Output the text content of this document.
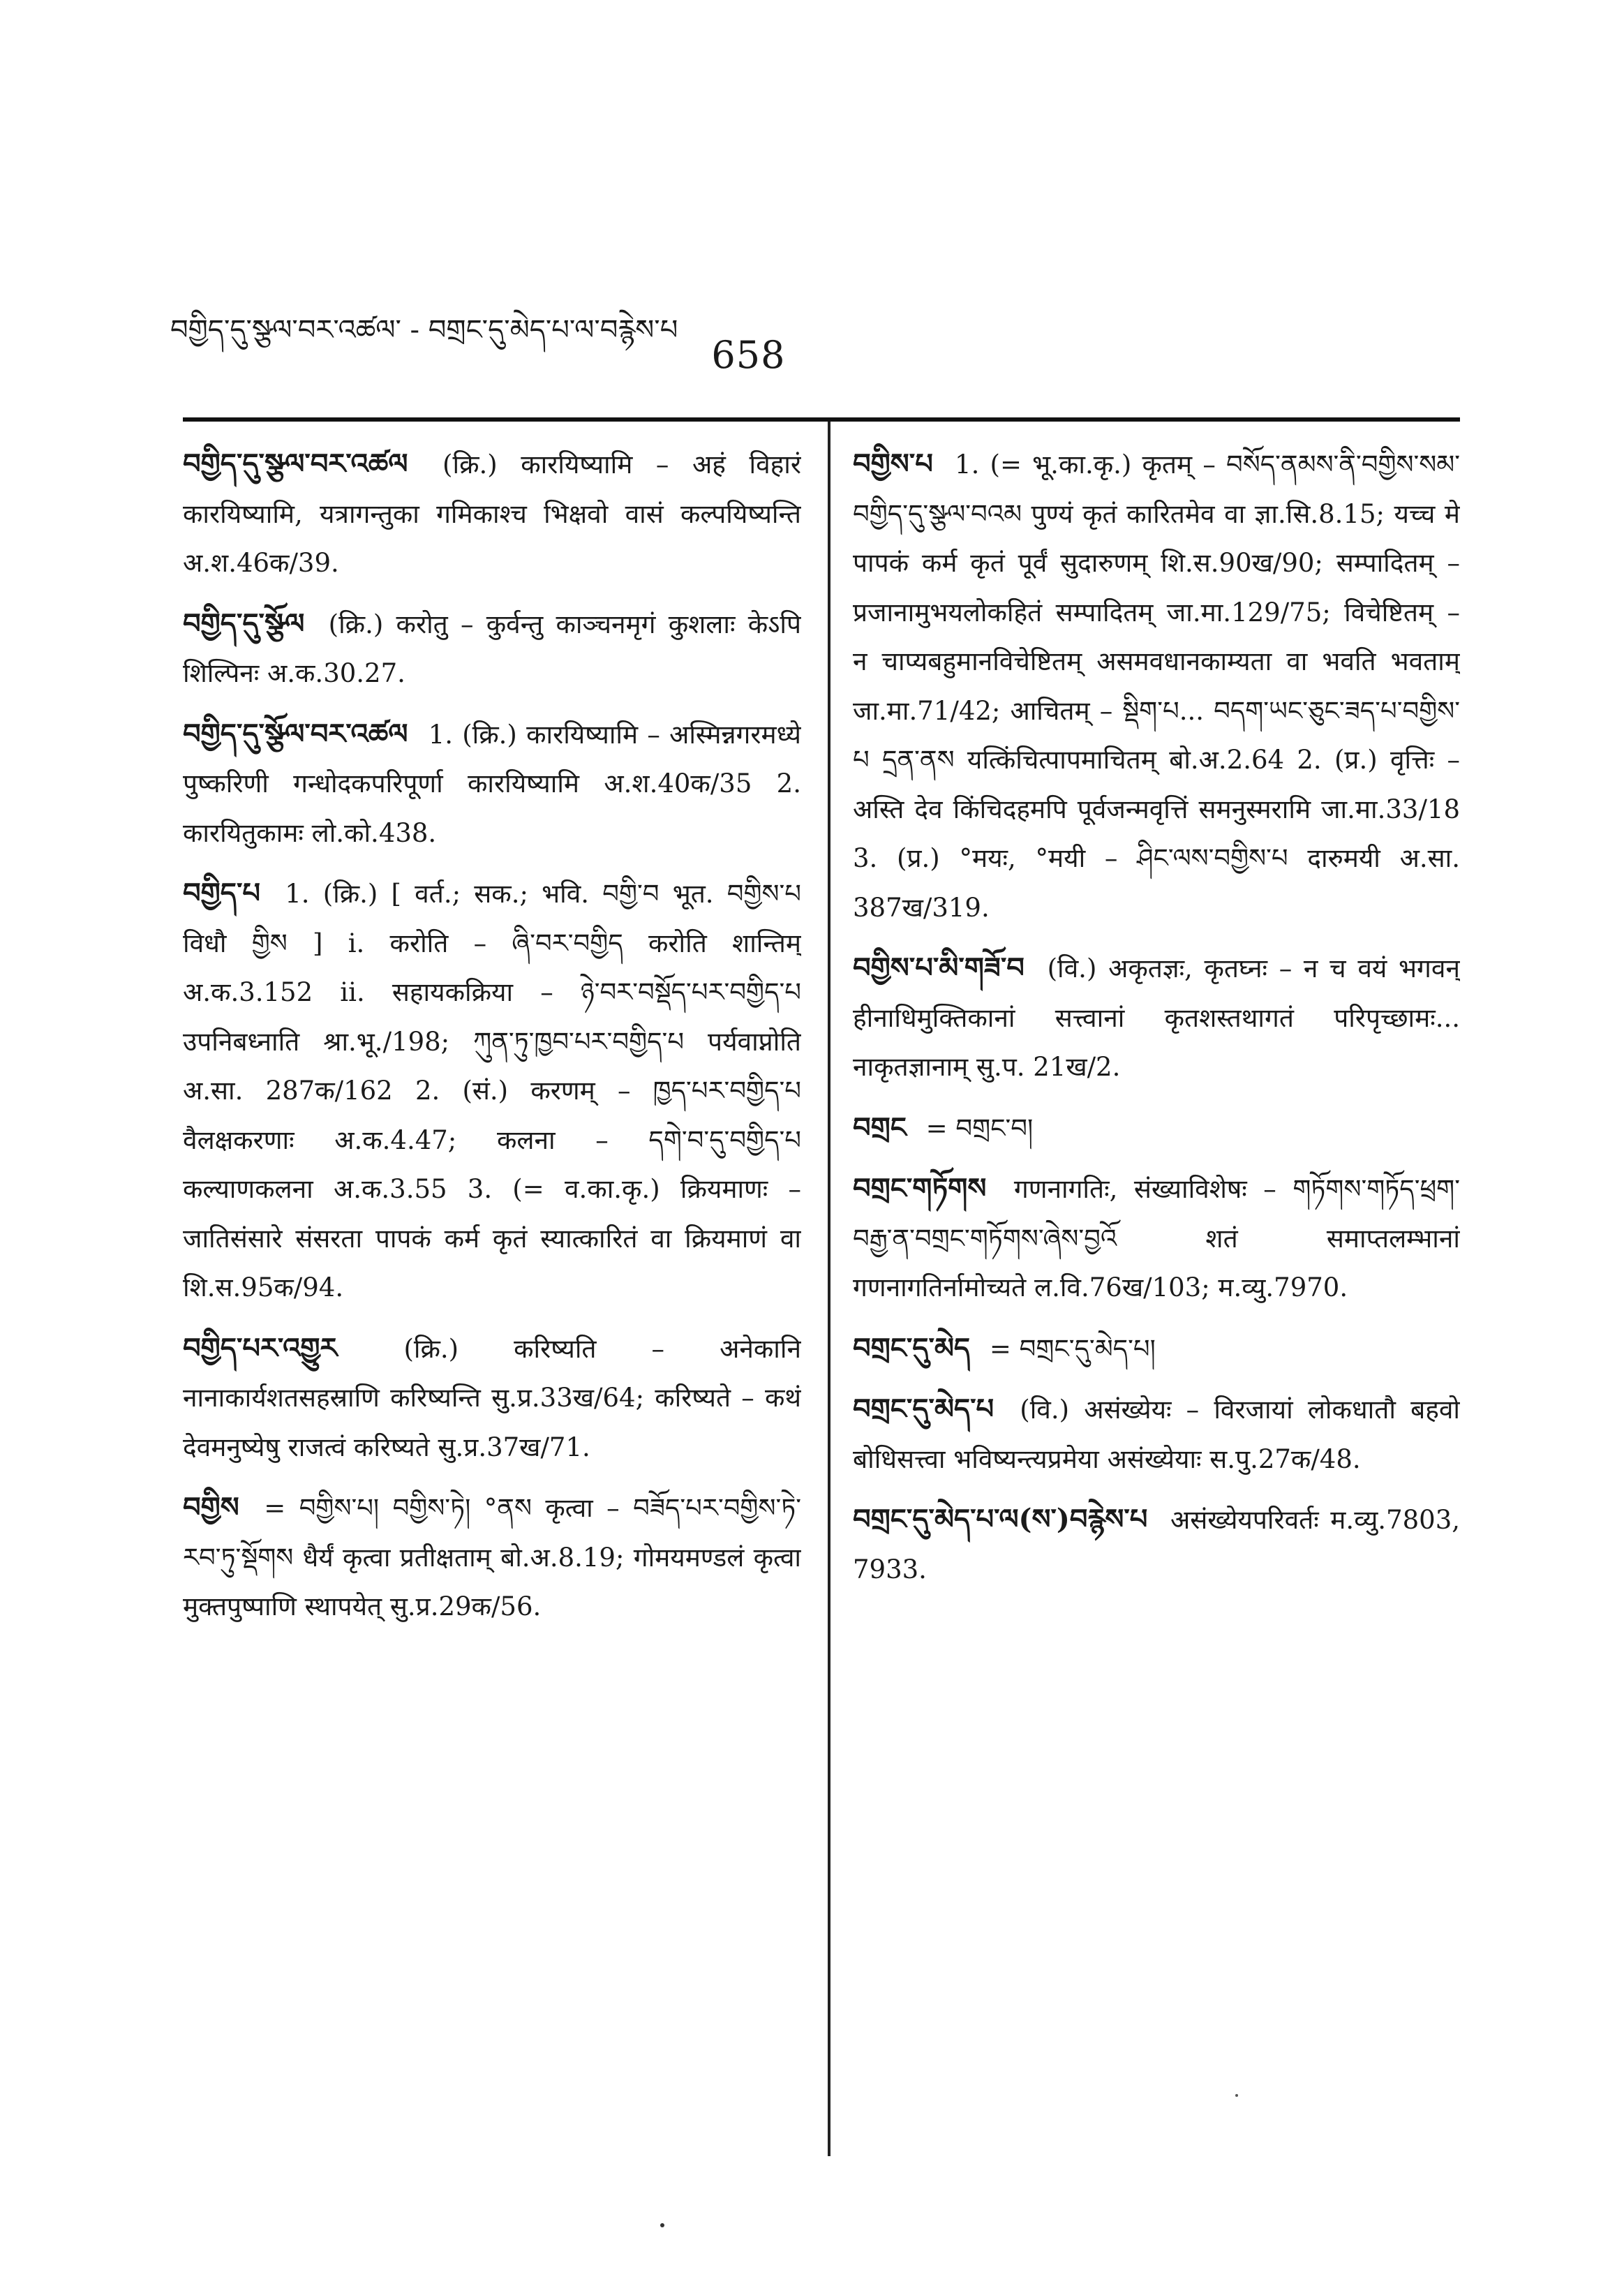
བགྱིད་དུ་སྩལ་བར་འཚལ་ - བགྲང་དུ་མེད་པ་ལ་བརྙེས་པ
658
བགྱིད་དུ་སྩལ་བར་འཚལ (क्रि.) कारयिष्यामि – अहं विहारं कारयिष्यामि, यत्रागन्तुका गमिकाश्च भिक्षवो वासं कल्पयिष्यन्ति अ.श.46क/39.
བགྱིད་དུ་སྩོལ (क्रि.) करोतु – कुर्वन्तु काञ्चनमृगं कुशलाः केऽपि शिल्पिनः अ.क.30.27.
བགྱིད་དུ་སྩོལ་བར་འཚལ 1. (क्रि.) कारयिष्यामि – अस्मिन्नगरमध्ये पुष्करिणी गन्धोदकपरिपूर्णा कारयिष्यामि अ.श.40क/35 2. कारयितुकामः लो.को.438.
བགྱིད་པ 1. (क्रि.) [ वर्त.; सक.; भवि. བགྱི་བ भूत. བགྱིས་པ विधौ གྱིས ] i. करोति – ཞི་བར་བགྱིད करोति शान्तिम् अ.क.3.152 ii. सहायकक्रिया – ཉེ་བར་བསྡོད་པར་བགྱིད་པ उपनिबध्नाति श्रा.भू./198; ཀུན་ཏུ་ཁྱབ་པར་བགྱིད་པ पर्यवाप्नोति अ.सा. 287क/162 2. (सं.) करणम् – ཁྱད་པར་བགྱིད་པ वैलक्षकरणाः अ.क.4.47; कलना – དགེ་བ་དུ་བགྱིད་པ कल्याणकलना अ.क.3.55 3. (= व.का.कृ.) क्रियमाणः – जातिसंसारे संसरता पापकं कर्म कृतं स्यात्कारितं वा क्रियमाणं वा शि.स.95क/94.
བགྱིད་པར་འགྱུར	(क्रि.) करिष्यति – अनेकानि नानाकार्यशतसहस्राणि करिष्यन्ति सु.प्र.33ख/64; करिष्यते – कथं देवमनुष्येषु राजत्वं करिष्यते सु.प्र.37ख/71.
བགྱིས = བགྱིས་པ། བགྱིས་ཏེ། °ནས कृत्वा – བཟོད་པར་བགྱིས་ཏེ་རབ་ཏུ་སྡོགས धैर्यं कृत्वा प्रतीक्षताम् बो.अ.8.19; गोमयमण्डलं कृत्वा मुक्तपुष्पाणि स्थापयेत् सु.प्र.29क/56.
བགྱིས་པ 1. (= भू.का.कृ.) कृतम् – བསོད་ནམས་ནི་བགྱིས་སམ་བགྱིད་དུ་སྩལ་བའམ पुण्यं कृतं कारितमेव वा ज्ञा.सि.8.15; यच्च मे पापकं कर्म कृतं पूर्वं सुदारुणम् शि.स.90ख/90; सम्पादितम् – प्रजानामुभयलोकहितं सम्पादितम् जा.मा.129/75; विचेष्टितम् – न चाप्यबहुमानविचेष्टितम् असमवधानकाम्यता वा भवति भवताम् जा.मा.71/42; आचितम् – སྡིག་པ... བདག་ཡང་ཅུང་ཟད་པ་བགྱིས་པ དྲན་ནས यत्किंचित्पापमाचितम् बो.अ.2.64 2. (प्र.) वृत्तिः – अस्ति देव किंचिदहमपि पूर्वजन्मवृत्तिं समनुस्मरामि जा.मा.33/18 3. (प्र.) °मयः, °मयी – ཤིང་ལས་བགྱིས་པ दारुमयी अ.सा. 387ख/319.
བགྱིས་པ་མི་གཟོ་བ (वि.) अकृतज्ञः, कृतघ्नः – न च वयं भगवन् हीनाधिमुक्तिकानां सत्त्वानां कृतशस्तथागतं परिपृच्छामः... नाकृतज्ञानाम् सु.प. 21ख/2.
བགྲང = བགྲང་བ།
བགྲང་གཏོགས गणनागतिः, संख्याविशेषः – གཏོགས་གཏོད་ཕྲག་བརྒྱ་ན་བགྲང་གཏོགས་ཞེས་བྱའོ शतं समाप्तलम्भानां गणनागतिर्नामोच्यते ल.वि.76ख/103; म.व्यु.7970.
བགྲང་དུ་མེད = བགྲང་དུ་མེད་པ།
བགྲང་དུ་མེད་པ (वि.) असंख्येयः – विरजायां लोकधातौ बहवो बोधिसत्त्वा भविष्यन्त्यप्रमेया असंख्येयाः स.पु.27क/48.
བགྲང་དུ་མེད་པ་ལ(ས་)བརྙེས་པ असंख्येयपरिवर्तः म.व्यु.7803, 7933.
